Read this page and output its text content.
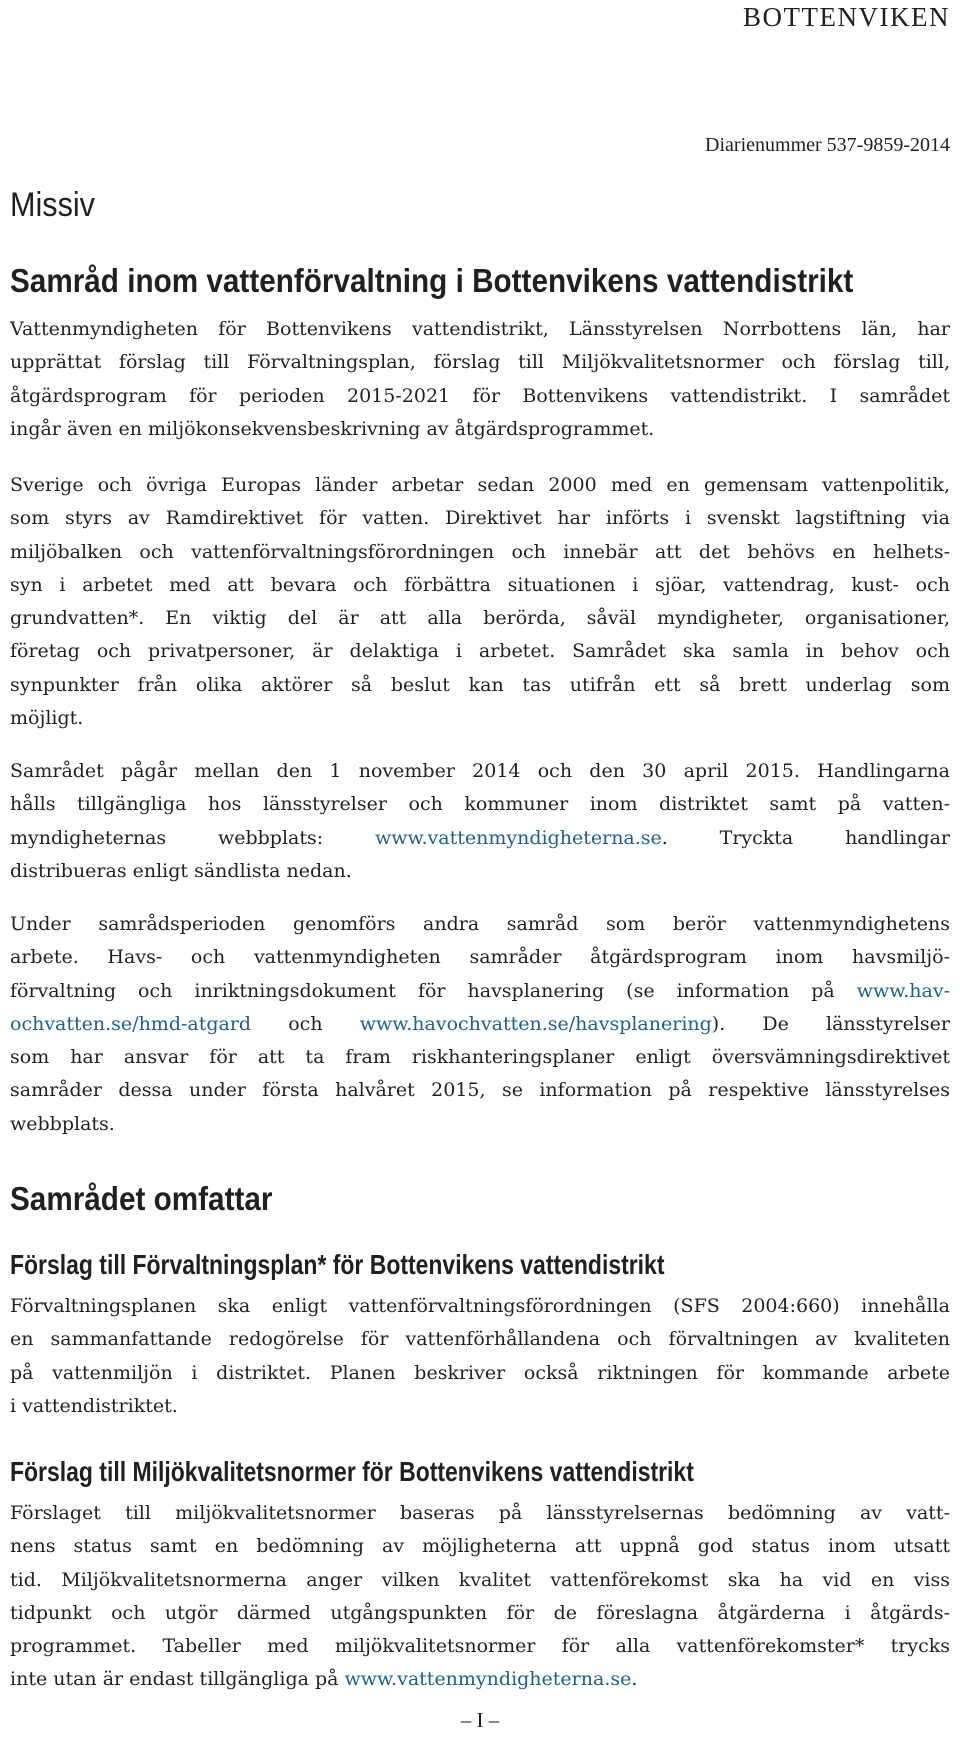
BOTTENVIKEN
Diarienummer 537-9859-2014
Missiv
Samråd inom vattenförvaltning i Bottenvikens vattendistrikt

Vattenmyndigheten för Bottenvikens vattendistrikt, Länsstyrelsen Norrbottens län, har
upprättat förslag till Förvaltningsplan, förslag till Miljökvalitetsnormer och förslag till,
åtgärdsprogram för perioden 2015-2021 för Bottenvikens vattendistrikt. I samrådet
ingår även en miljökonsekvensbeskrivning av åtgärdsprogrammet.

Sverige och övriga Europas länder arbetar sedan 2000 med en gemensam vattenpolitik,
som styrs av Ramdirektivet för vatten. Direktivet har införts i svenskt lagstiftning via
miljöbalken och vattenförvaltningsförordningen och innebär att det behövs en helhets-
syn i arbetet med att bevara och förbättra situationen i sjöar, vattendrag, kust- och
grundvatten*. En viktig del är att alla berörda, såväl myndigheter, organisationer,
företag och privatpersoner, är delaktiga i arbetet. Samrådet ska samla in behov och
synpunkter från olika aktörer så beslut kan tas utifrån ett så brett underlag som
möjligt.

Samrådet pågår mellan den 1 november 2014 och den 30 april 2015. Handlingarna
hålls tillgängliga hos länsstyrelser och kommuner inom distriktet samt på vatten-
myndigheternas webbplats: www.vattenmyndigheterna.se. Tryckta handlingar
distribueras enligt sändlista nedan.

Under samrådsperioden genomförs andra samråd som berör vattenmyndighetens
arbete. Havs- och vattenmyndigheten samråder åtgärdsprogram inom havsmiljö-
förvaltning och inriktningsdokument för havsplanering (se information på www.hav-
ochvatten.se/hmd-atgard och www.havochvatten.se/havsplanering). De länsstyrelser
som har ansvar för att ta fram riskhanteringsplaner enligt översvämningsdirektivet
samråder dessa under första halvåret 2015, se information på respektive länsstyrelses
webbplats.

Samrådet omfattar
Förslag till Förvaltningsplan* för Bottenvikens vattendistrikt

Förvaltningsplanen ska enligt vattenförvaltningsförordningen (SFS 2004:660) innehålla
en sammanfattande redogörelse för vattenförhållandena och förvaltningen av kvaliteten
på vattenmiljön i distriktet. Planen beskriver också riktningen för kommande arbete
i vattendistriktet.

Förslag till Miljökvalitetsnormer för Bottenvikens vattendistrikt

Förslaget till miljökvalitetsnormer baseras på länsstyrelsernas bedömning av vatt-
nens status samt en bedömning av möjligheterna att uppnå god status inom utsatt
tid. Miljökvalitetsnormerna anger vilken kvalitet vattenförekomst ska ha vid en viss
tidpunkt och utgör därmed utgångspunkten för de föreslagna åtgärderna i åtgärds-
programmet. Tabeller med miljökvalitetsnormer för alla vattenförekomster* trycks
inte utan är endast tillgängliga på www.vattenmyndigheterna.se.

– I –
